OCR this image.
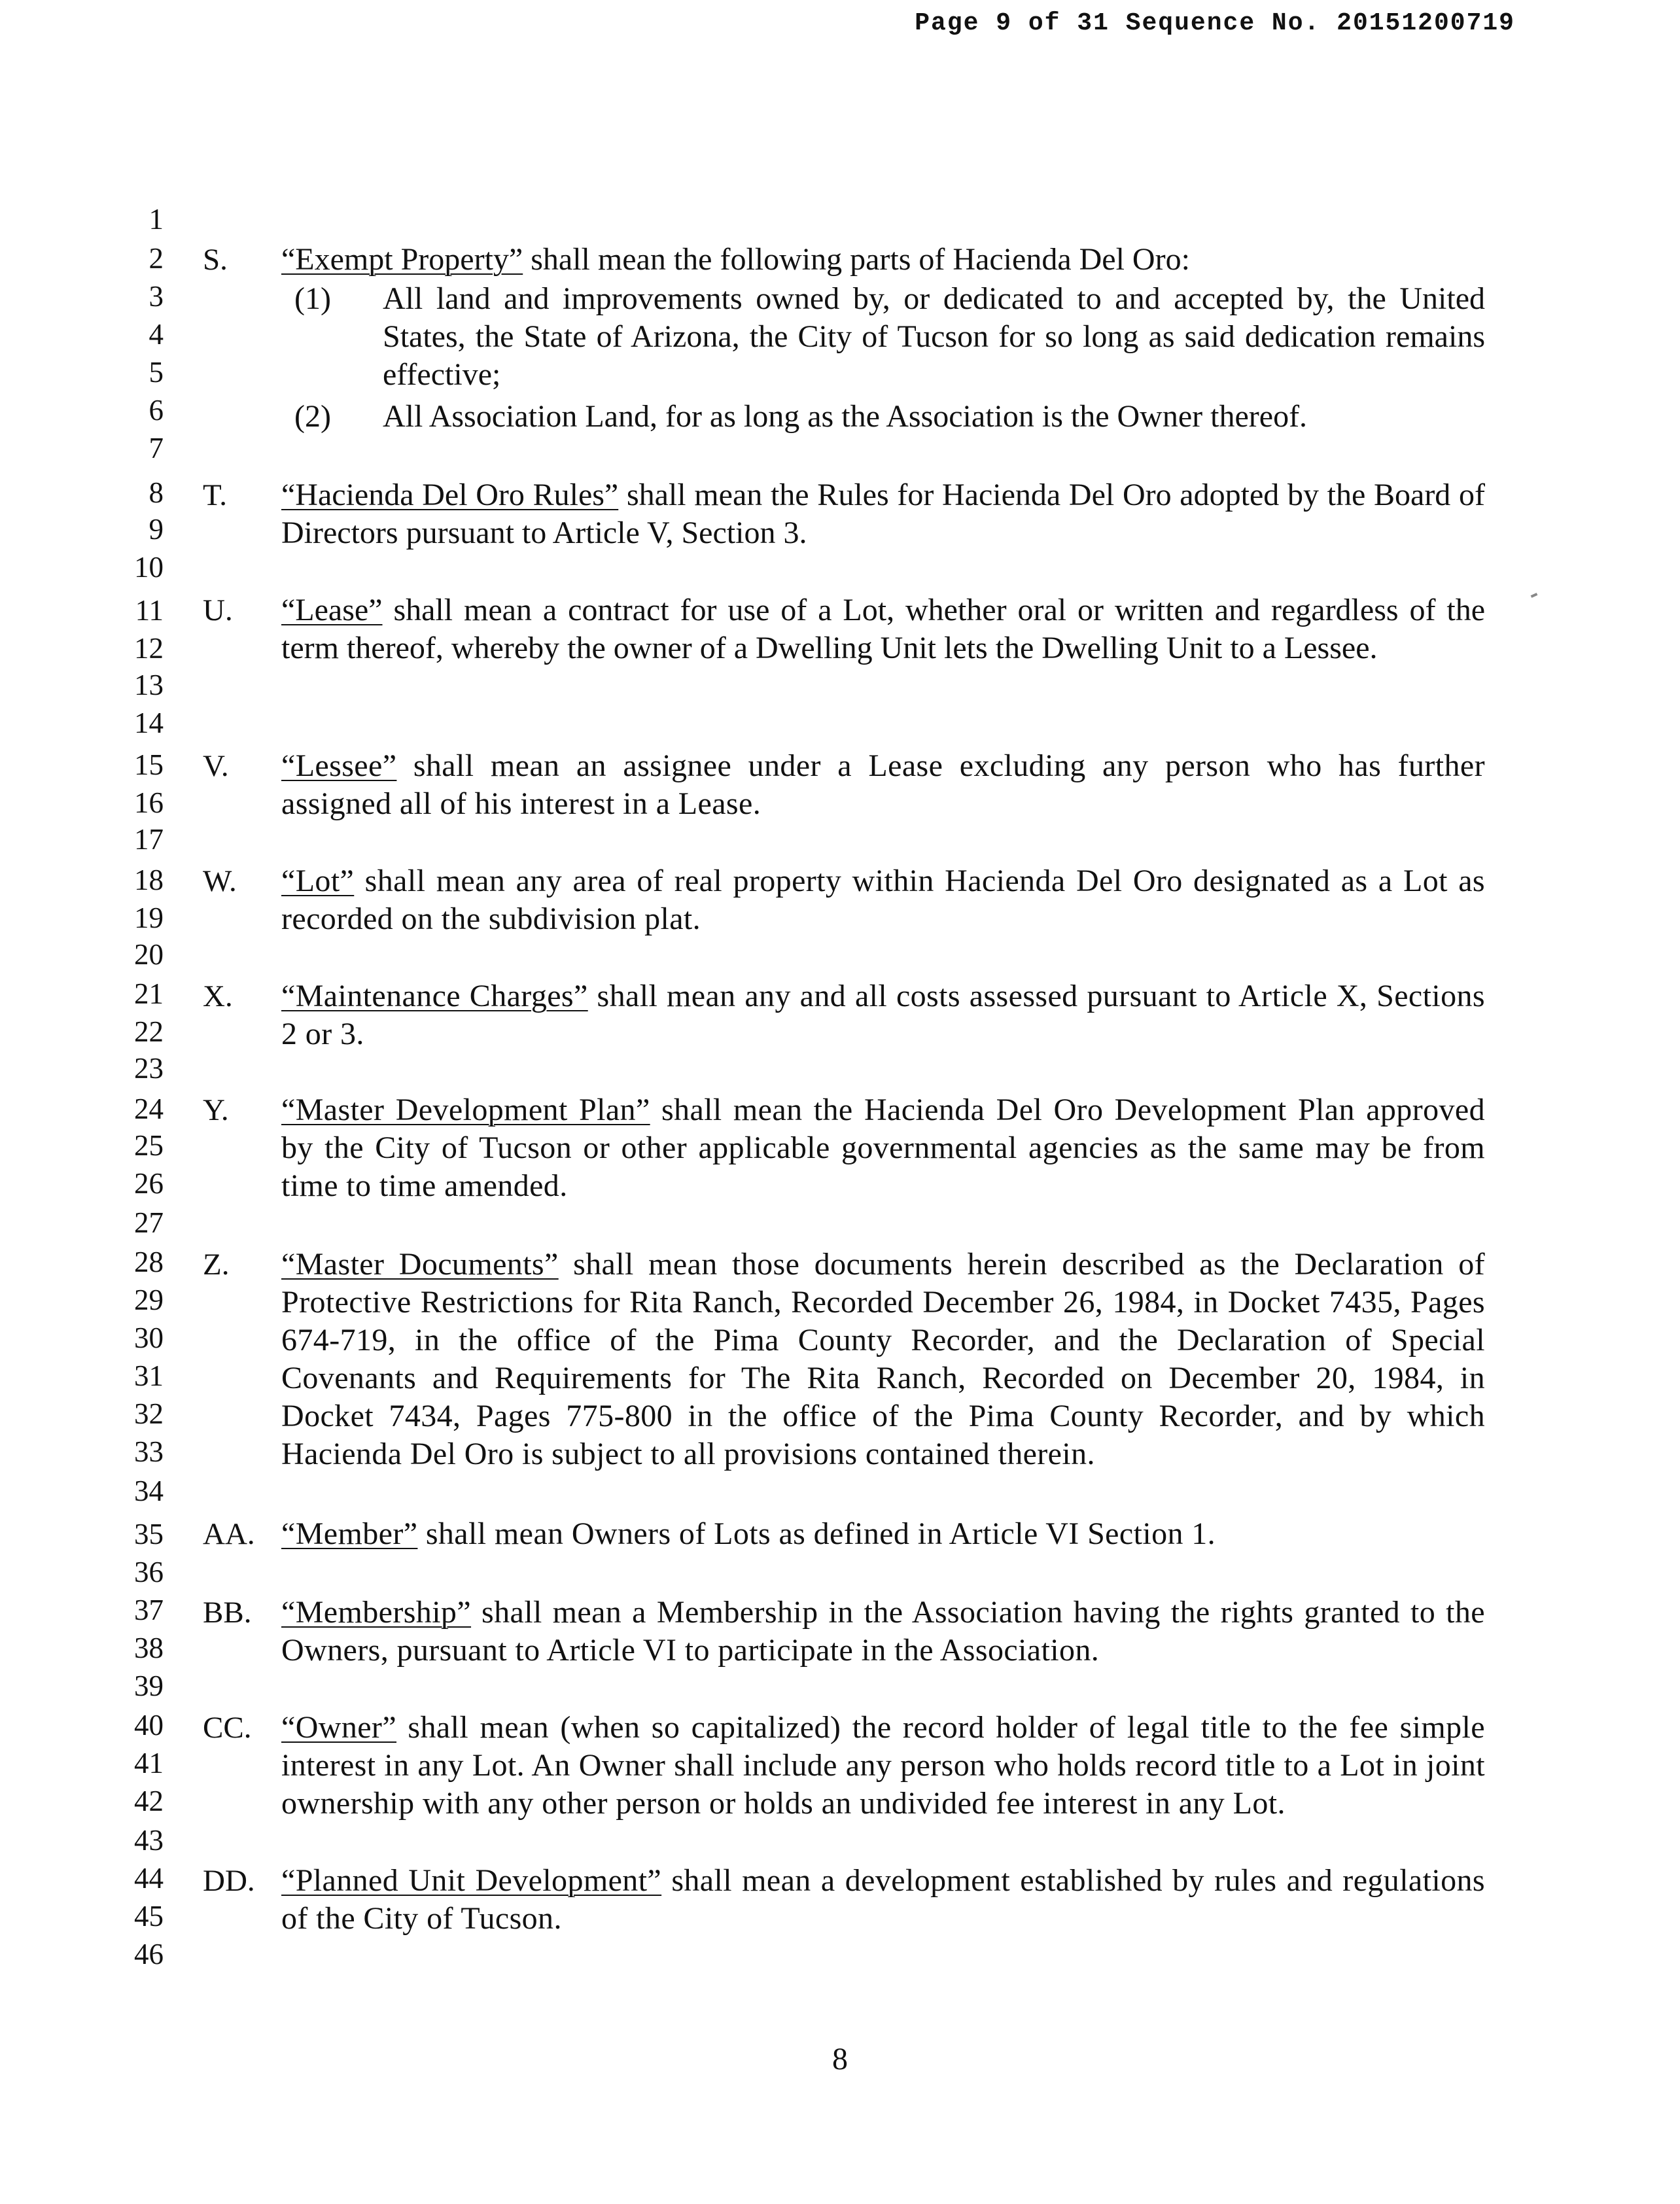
Page 9 of 31 Sequence No. 20151200719
1
2
3
4
5
6
7
8
9
10
11
12
13
14
15
16
17
18
19
20
21
22
23
24
25
26
27
28
29
30
31
32
33
34
35
36
37
38
39
40
41
42
43
44
45
46
S. “Exempt Property” shall mean the following parts of Hacienda Del Oro:
(1) All land and improvements owned by, or dedicated to and accepted by, the United States, the State of Arizona, the City of Tucson for so long as said dedication remains effective;
(2) All Association Land, for as long as the Association is the Owner thereof.
T. “Hacienda Del Oro Rules” shall mean the Rules for Hacienda Del Oro adopted by the Board of Directors pursuant to Article V, Section 3.
U. “Lease” shall mean a contract for use of a Lot, whether oral or written and regardless of the term thereof, whereby the owner of a Dwelling Unit lets the Dwelling Unit to a Lessee.
V. “Lessee” shall mean an assignee under a Lease excluding any person who has further assigned all of his interest in a Lease.
W. “Lot” shall mean any area of real property within Hacienda Del Oro designated as a Lot as recorded on the subdivision plat.
X. “Maintenance Charges” shall mean any and all costs assessed pursuant to Article X, Sections 2 or 3.
Y. “Master Development Plan” shall mean the Hacienda Del Oro Development Plan approved by the City of Tucson or other applicable governmental agencies as the same may be from time to time amended.
Z. “Master Documents” shall mean those documents herein described as the Declaration of Protective Restrictions for Rita Ranch, Recorded December 26, 1984, in Docket 7435, Pages 674-719, in the office of the Pima County Recorder, and the Declaration of Special Covenants and Requirements for The Rita Ranch, Recorded on December 20, 1984, in Docket 7434, Pages 775-800 in the office of the Pima County Recorder, and by which Hacienda Del Oro is subject to all provisions contained therein.
AA. “Member” shall mean Owners of Lots as defined in Article VI Section 1.
BB. “Membership” shall mean a Membership in the Association having the rights granted to the Owners, pursuant to Article VI to participate in the Association.
CC. “Owner” shall mean (when so capitalized) the record holder of legal title to the fee simple interest in any Lot. An Owner shall include any person who holds record title to a Lot in joint ownership with any other person or holds an undivided fee interest in any Lot.
DD. “Planned Unit Development” shall mean a development established by rules and regulations of the City of Tucson.
8
